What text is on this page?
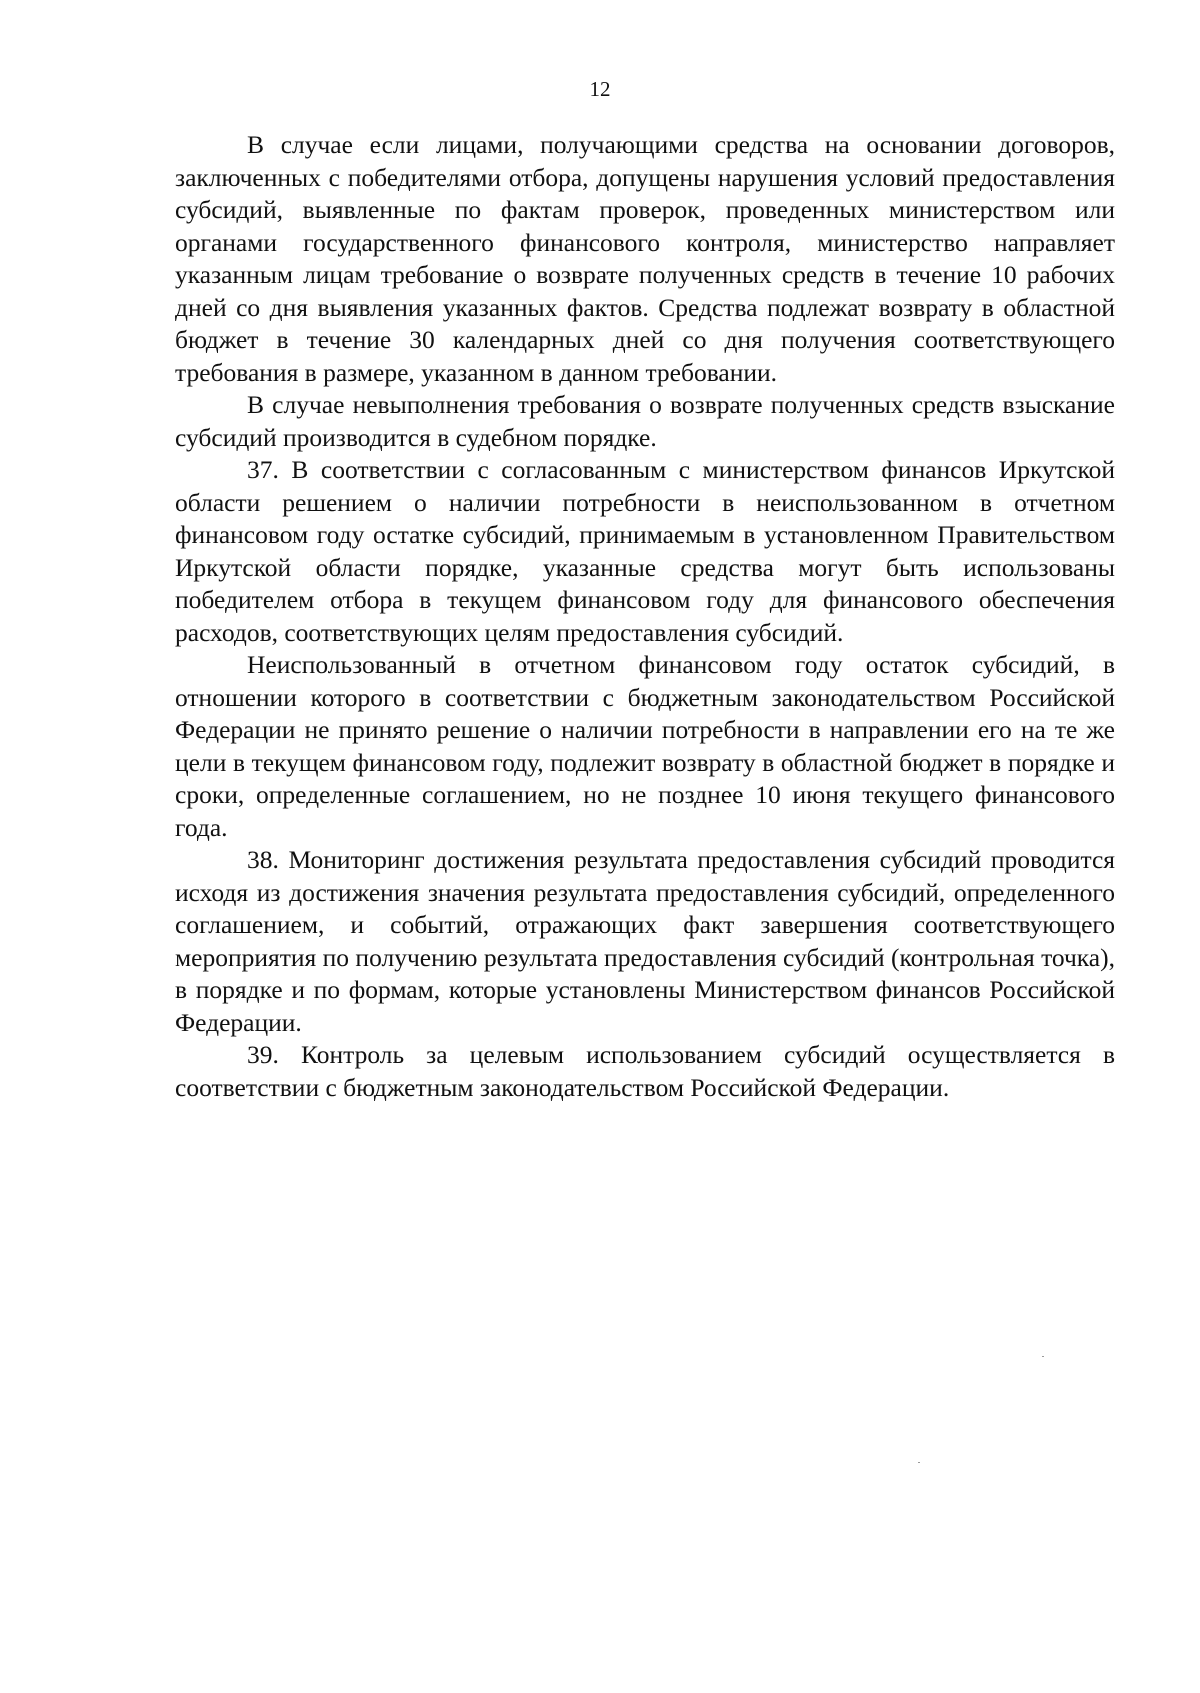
12

В случае если лицами, получающими средства на основании договоров, заключенных с победителями отбора, допущены нарушения условий предоставления субсидий, выявленные по фактам проверок, проведенных министерством или органами государственного финансового контроля, министерство направляет указанным лицам требование о возврате полученных средств в течение 10 рабочих дней со дня выявления указанных фактов. Средства подлежат возврату в областной бюджет в течение 30 календарных дней со дня получения соответствующего требования в размере, указанном в данном требовании.

В случае невыполнения требования о возврате полученных средств взыскание субсидий производится в судебном порядке.

37. В соответствии с согласованным с министерством финансов Иркутской области решением о наличии потребности в неиспользованном в отчетном финансовом году остатке субсидий, принимаемым в установленном Правительством Иркутской области порядке, указанные средства могут быть использованы победителем отбора в текущем финансовом году для финансового обеспечения расходов, соответствующих целям предоставления субсидий.

Неиспользованный в отчетном финансовом году остаток субсидий, в отношении которого в соответствии с бюджетным законодательством Российской Федерации не принято решение о наличии потребности в направлении его на те же цели в текущем финансовом году, подлежит возврату в областной бюджет в порядке и сроки, определенные соглашением, но не позднее 10 июня текущего финансового года.

38. Мониторинг достижения результата предоставления субсидий проводится исходя из достижения значения результата предоставления субсидий, определенного соглашением, и событий, отражающих факт завершения соответствующего мероприятия по получению результата предоставления субсидий (контрольная точка), в порядке и по формам, которые установлены Министерством финансов Российской Федерации.

39. Контроль за целевым использованием субсидий осуществляется в соответствии с бюджетным законодательством Российской Федерации.
